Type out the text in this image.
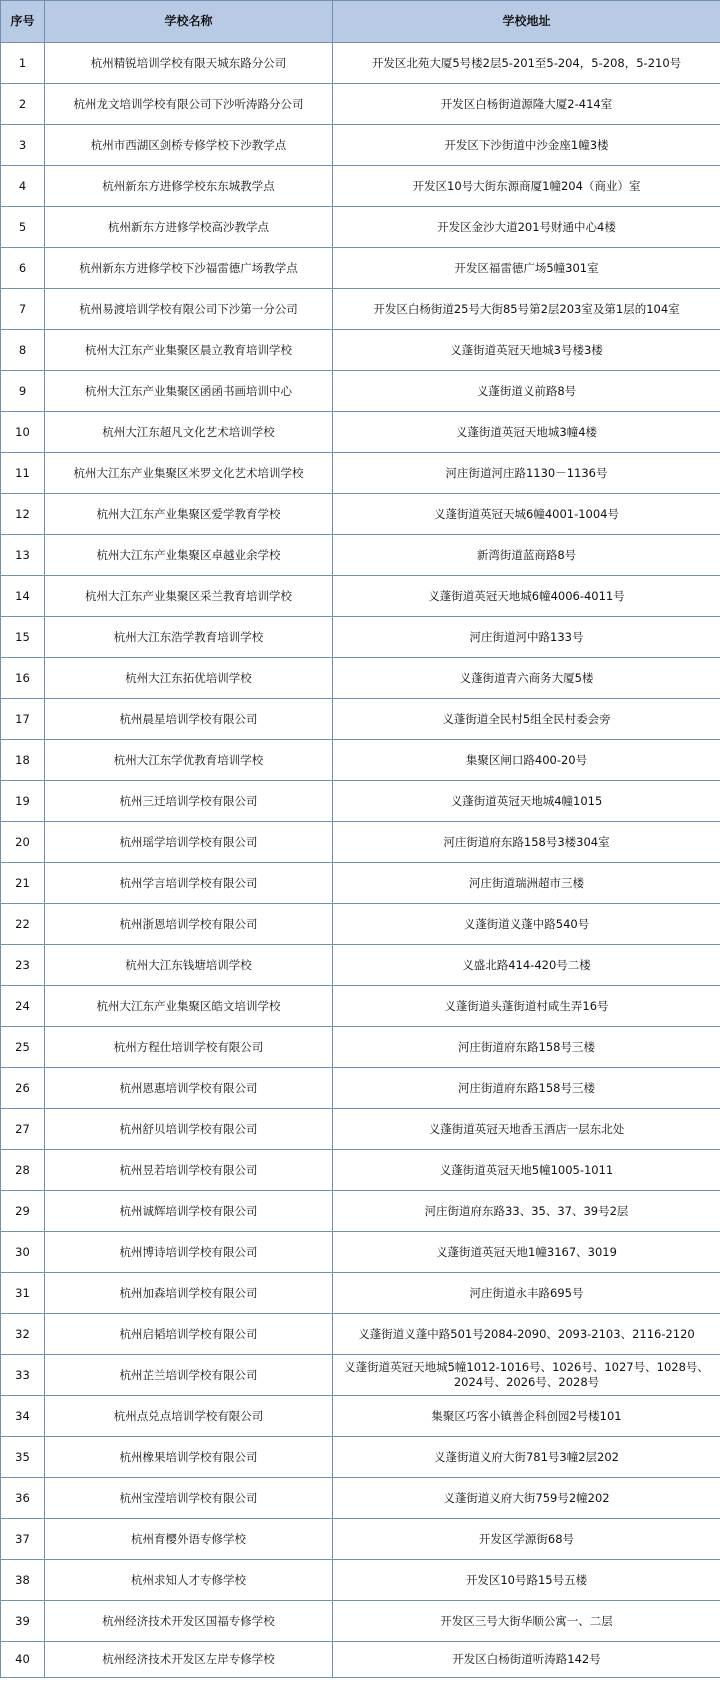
序号	学校名称	学校地址
1	杭州精锐培训学校有限天城东路分公司	开发区北苑大厦5号楼2层5-201至5-204，5-208，5-210号
2	杭州龙文培训学校有限公司下沙听涛路分公司	开发区白杨街道源隆大厦2-414室
3	杭州市西湖区剑桥专修学校下沙教学点	开发区下沙街道中沙金座1幢3楼
4	杭州新东方进修学校东东城教学点	开发区10号大街东源商厦1幢204（商业）室
5	杭州新东方进修学校高沙教学点	开发区金沙大道201号财通中心4楼
6	杭州新东方进修学校下沙福雷德广场教学点	开发区福雷德广场5幢301室
7	杭州易渡培训学校有限公司下沙第一分公司	开发区白杨街道25号大街85号第2层203室及第1层的104室
8	杭州大江东产业集聚区晨立教育培训学校	义蓬街道英冠天地城3号楼3楼
9	杭州大江东产业集聚区函函书画培训中心	义蓬街道义前路8号
10	杭州大江东超凡文化艺术培训学校	义蓬街道英冠天地城3幢4楼
11	杭州大江东产业集聚区米罗文化艺术培训学校	河庄街道河庄路1130－1136号
12	杭州大江东产业集聚区爱学教育学校	义蓬街道英冠天城6幢4001-1004号
13	杭州大江东产业集聚区卓越业余学校	新湾街道蓝商路8号
14	杭州大江东产业集聚区采兰教育培训学校	义蓬街道英冠天地城6幢4006-4011号
15	杭州大江东浩学教育培训学校	河庄街道河中路133号
16	杭州大江东拓优培训学校	义蓬街道青六商务大厦5楼
17	杭州晨星培训学校有限公司	义蓬街道全民村5组全民村委会旁
18	杭州大江东学优教育培训学校	集聚区闸口路400-20号
19	杭州三迁培训学校有限公司	义蓬街道英冠天地城4幢1015
20	杭州瑶学培训学校有限公司	河庄街道府东路158号3楼304室
21	杭州学言培训学校有限公司	河庄街道瑞洲超市三楼
22	杭州浙恩培训学校有限公司	义蓬街道义蓬中路540号
23	杭州大江东钱塘培训学校	义盛北路414-420号二楼
24	杭州大江东产业集聚区皓文培训学校	义蓬街道头蓬街道村咸生弄16号
25	杭州方程仕培训学校有限公司	河庄街道府东路158号三楼
26	杭州恩惠培训学校有限公司	河庄街道府东路158号三楼
27	杭州舒贝培训学校有限公司	义蓬街道英冠天地香玉酒店一层东北处
28	杭州昱若培训学校有限公司	义蓬街道英冠天地5幢1005-1011
29	杭州诚辉培训学校有限公司	河庄街道府东路33、35、37、39号2层
30	杭州博诗培训学校有限公司	义蓬街道英冠天地1幢3167、3019
31	杭州加森培训学校有限公司	河庄街道永丰路695号
32	杭州启韬培训学校有限公司	义蓬街道义蓬中路501号2084-2090、2093-2103、2116-2120
33	杭州芷兰培训学校有限公司	义蓬街道英冠天地城5幢1012-1016号、1026号、1027号、1028号、2024号、2026号、2028号
34	杭州点兑点培训学校有限公司	集聚区巧客小镇善企科创园2号楼101
35	杭州橡果培训学校有限公司	义蓬街道义府大街781号3幢2层202
36	杭州宝滢培训学校有限公司	义蓬街道义府大街759号2幢202
37	杭州育樱外语专修学校	开发区学源街68号
38	杭州求知人才专修学校	开发区10号路15号五楼
39	杭州经济技术开发区国福专修学校	开发区三号大街华顺公寓一、二层
40	杭州经济技术开发区左岸专修学校	开发区白杨街道听涛路142号
